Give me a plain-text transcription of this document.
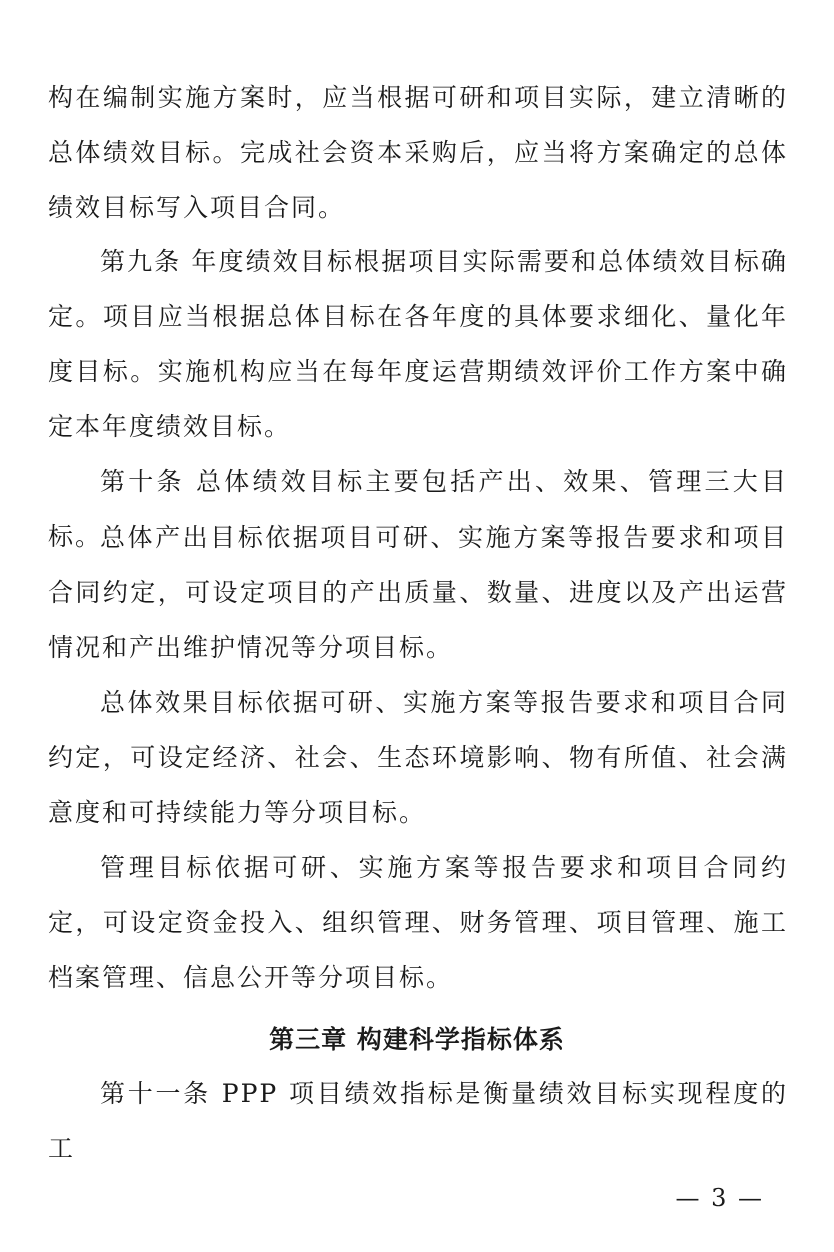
构在编制实施方案时，应当根据可研和项目实际，建立清晰的总体绩效目标。完成社会资本采购后，应当将方案确定的总体绩效目标写入项目合同。

第九条 年度绩效目标根据项目实际需要和总体绩效目标确定。项目应当根据总体目标在各年度的具体要求细化、量化年度目标。实施机构应当在每年度运营期绩效评价工作方案中确定本年度绩效目标。

第十条 总体绩效目标主要包括产出、效果、管理三大目标。

总体产出目标依据项目可研、实施方案等报告要求和项目合同约定，可设定项目的产出质量、数量、进度以及产出运营情况和产出维护情况等分项目标。

总体效果目标依据可研、实施方案等报告要求和项目合同约定，可设定经济、社会、生态环境影响、物有所值、社会满意度和可持续能力等分项目标。

管理目标依据可研、实施方案等报告要求和项目合同约定，可设定资金投入、组织管理、财务管理、项目管理、施工档案管理、信息公开等分项目标。

第三章 构建科学指标体系

第十一条 PPP 项目绩效指标是衡量绩效目标实现程度的工

— 3 —
